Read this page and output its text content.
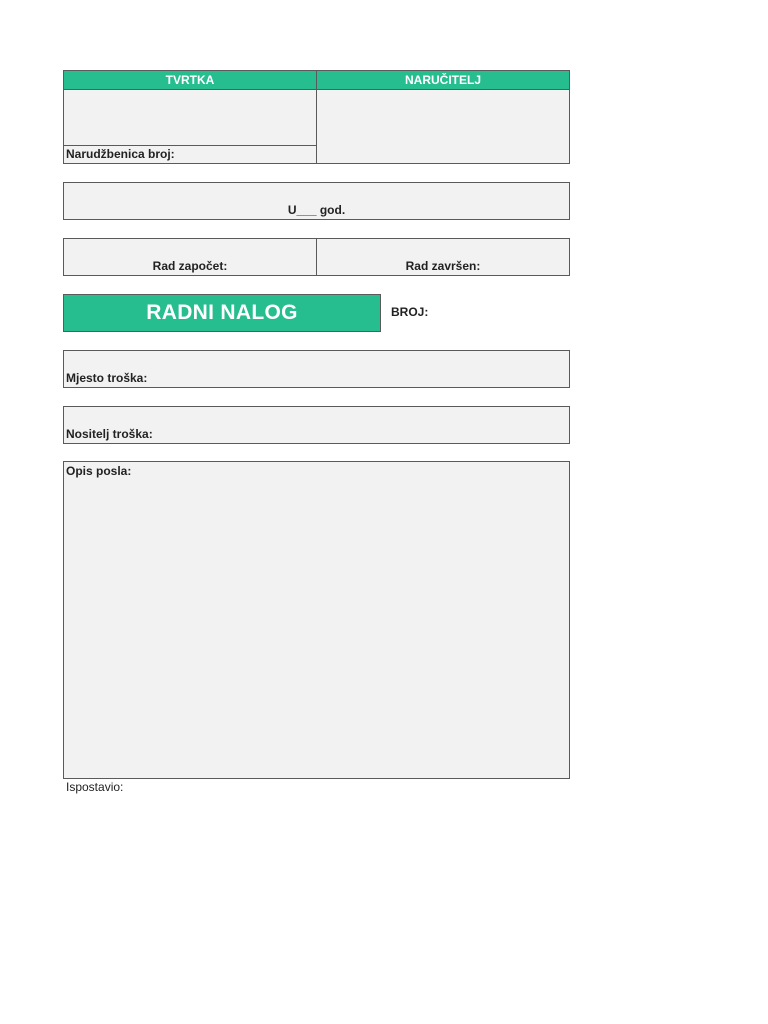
TVRTKA	NARUČITELJ
Narudžbenica broj:
U___ god.
Rad započet:	Rad završen:
RADNI NALOG	BROJ:
Mjesto troška:
Nositelj troška:
Opis posla:
Ispostavio:
